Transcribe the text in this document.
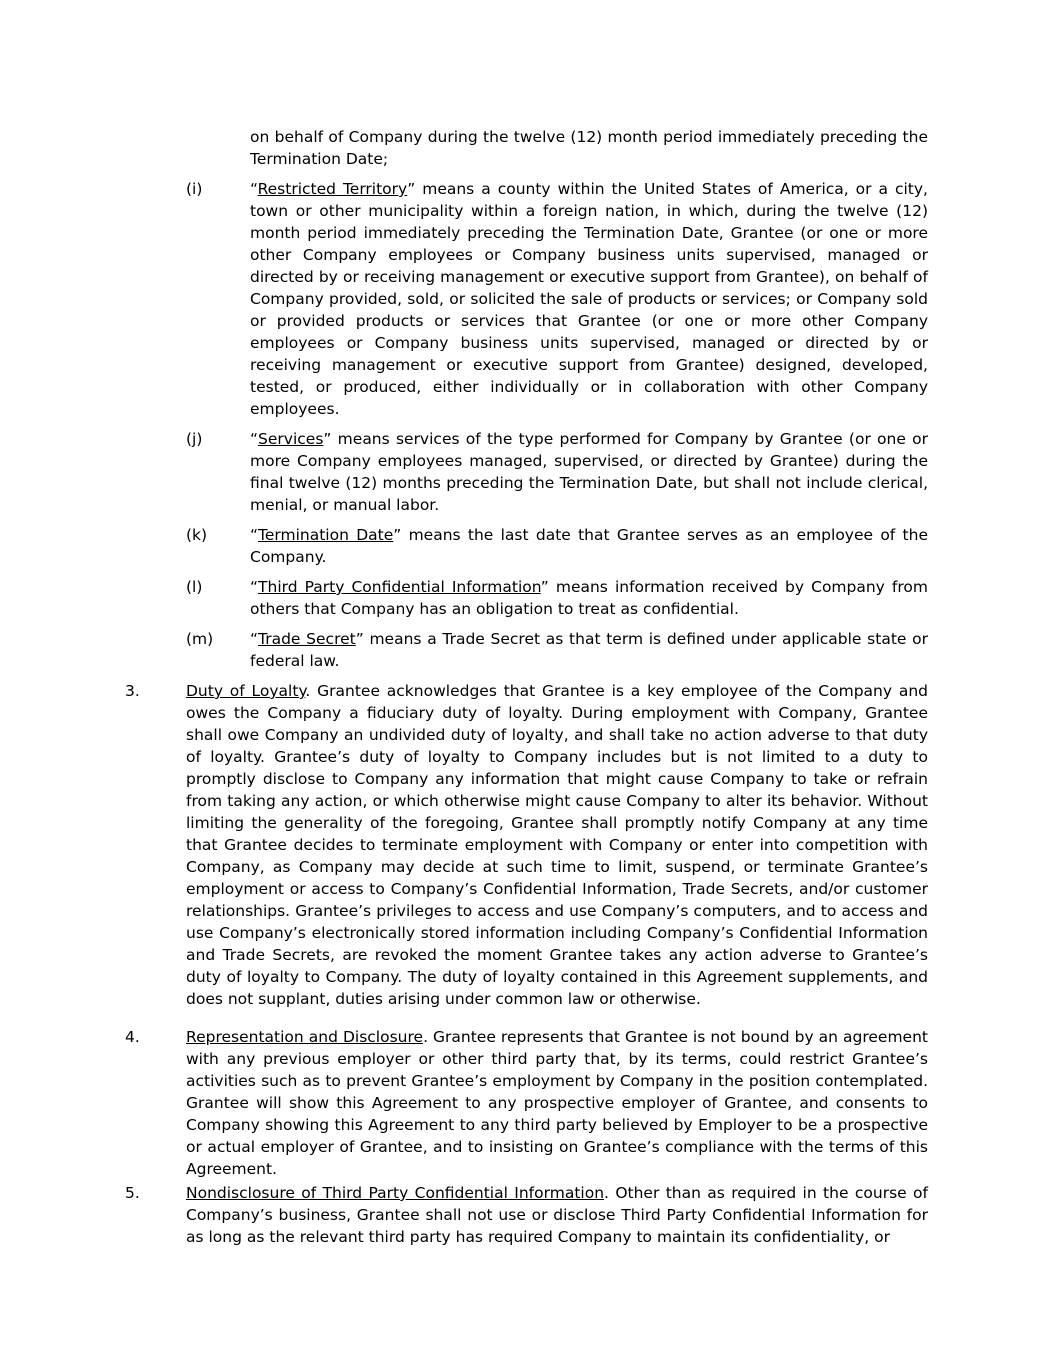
on behalf of Company during the twelve (12) month period immediately preceding the Termination Date;

(i)	“Restricted Territory” means a county within the United States of America, or a city, town or other municipality within a foreign nation, in which, during the twelve (12) month period immediately preceding the Termination Date, Grantee (or one or more other Company employees or Company business units supervised, managed or directed by or receiving management or executive support from Grantee), on behalf of Company provided, sold, or solicited the sale of products or services; or Company sold or provided products or services that Grantee (or one or more other Company employees or Company business units supervised, managed or directed by or receiving management or executive support from Grantee) designed, developed, tested, or produced, either individually or in collaboration with other Company employees.
(j)	“Services” means services of the type performed for Company by Grantee (or one or more Company employees managed, supervised, or directed by Grantee) during the final twelve (12) months preceding the Termination Date, but shall not include clerical, menial, or manual labor.
(k)	“Termination Date” means the last date that Grantee serves as an employee of the Company.
(l)	“Third Party Confidential Information” means information received by Company from others that Company has an obligation to treat as confidential.
(m)	“Trade Secret” means a Trade Secret as that term is defined under applicable state or federal law.
3.	Duty of Loyalty. Grantee acknowledges that Grantee is a key employee of the Company and owes the Company a fiduciary duty of loyalty. During employment with Company, Grantee shall owe Company an undivided duty of loyalty, and shall take no action adverse to that duty of loyalty. Grantee’s duty of loyalty to Company includes but is not limited to a duty to promptly disclose to Company any information that might cause Company to take or refrain from taking any action, or which otherwise might cause Company to alter its behavior. Without limiting the generality of the foregoing, Grantee shall promptly notify Company at any time that Grantee decides to terminate employment with Company or enter into competition with Company, as Company may decide at such time to limit, suspend, or terminate Grantee’s employment or access to Company’s Confidential Information, Trade Secrets, and/or customer relationships. Grantee’s privileges to access and use Company’s computers, and to access and use Company’s electronically stored information including Company’s Confidential Information and Trade Secrets, are revoked the moment Grantee takes any action adverse to Grantee’s duty of loyalty to Company. The duty of loyalty contained in this Agreement supplements, and does not supplant, duties arising under common law or otherwise.
4.	Representation and Disclosure. Grantee represents that Grantee is not bound by an agreement with any previous employer or other third party that, by its terms, could restrict Grantee’s activities such as to prevent Grantee’s employment by Company in the position contemplated. Grantee will show this Agreement to any prospective employer of Grantee, and consents to Company showing this Agreement to any third party believed by Employer to be a prospective or actual employer of Grantee, and to insisting on Grantee’s compliance with the terms of this Agreement.
5.	Nondisclosure of Third Party Confidential Information. Other than as required in the course of Company’s business, Grantee shall not use or disclose Third Party Confidential Information for as long as the relevant third party has required Company to maintain its confidentiality, or
